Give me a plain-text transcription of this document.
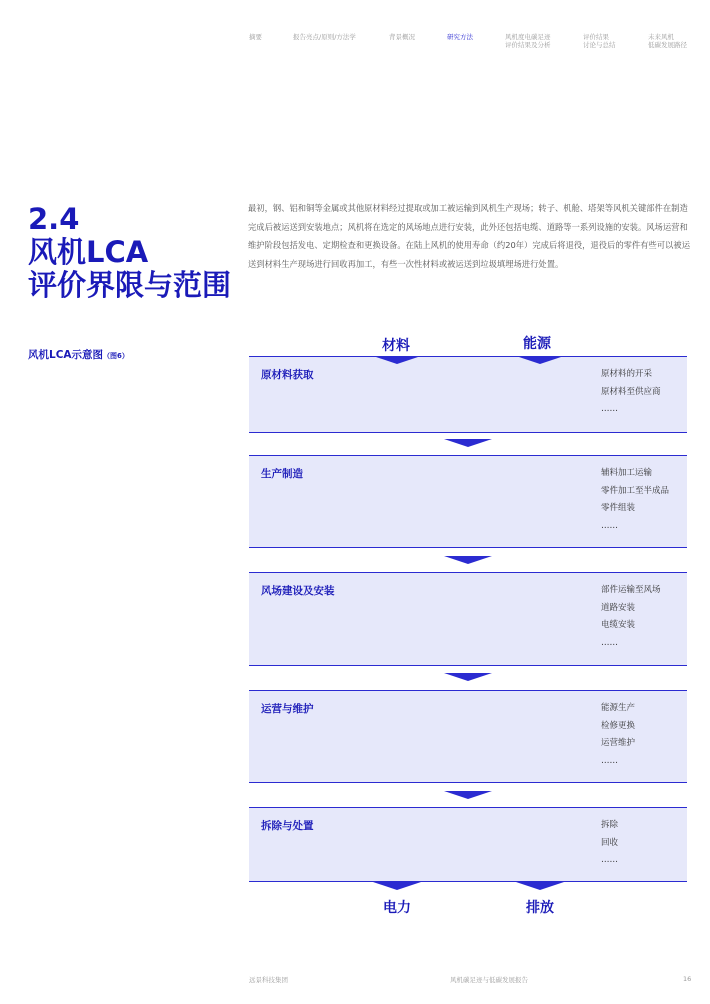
摘要	报告亮点/原则/方法学	背景概况	研究方法	风机度电碳足迹
评价结果及分析
评价结果
讨论与总结
未来风机
低碳发展路径
2.4
风机LCA
评价界限与范围

最初，钢、铝和铜等金属或其他原材料经过提取或加工被运输到风机生产现场；转子、机舱、塔架等风机关键部件在制造完成后被运送到安装地点；风机将在选定的风场地点进行安装，此外还包括电缆、道路等一系列设施的安装。风场运营和维护阶段包括发电、定期检查和更换设备。在陆上风机的使用寿命（约20年）完成后将退役，退役后的零件有些可以被运送到材料生产现场进行回收再加工，有些一次性材料或被运送到垃圾填埋场进行处置。

风机LCA示意图（图6）
材料	能源
原材料获取	原材料的开采
原材料至供应商
……
生产制造	辅料加工运输
零件加工至半成品
零件组装
……
风场建设及安装	部件运输至风场
道路安装
电缆安装
……
运营与维护	能源生产
检修更换
运营维护
……
拆除与处置	拆除
回收
……
电力	排放
远景科技集团	风机碳足迹与低碳发展报告	16
